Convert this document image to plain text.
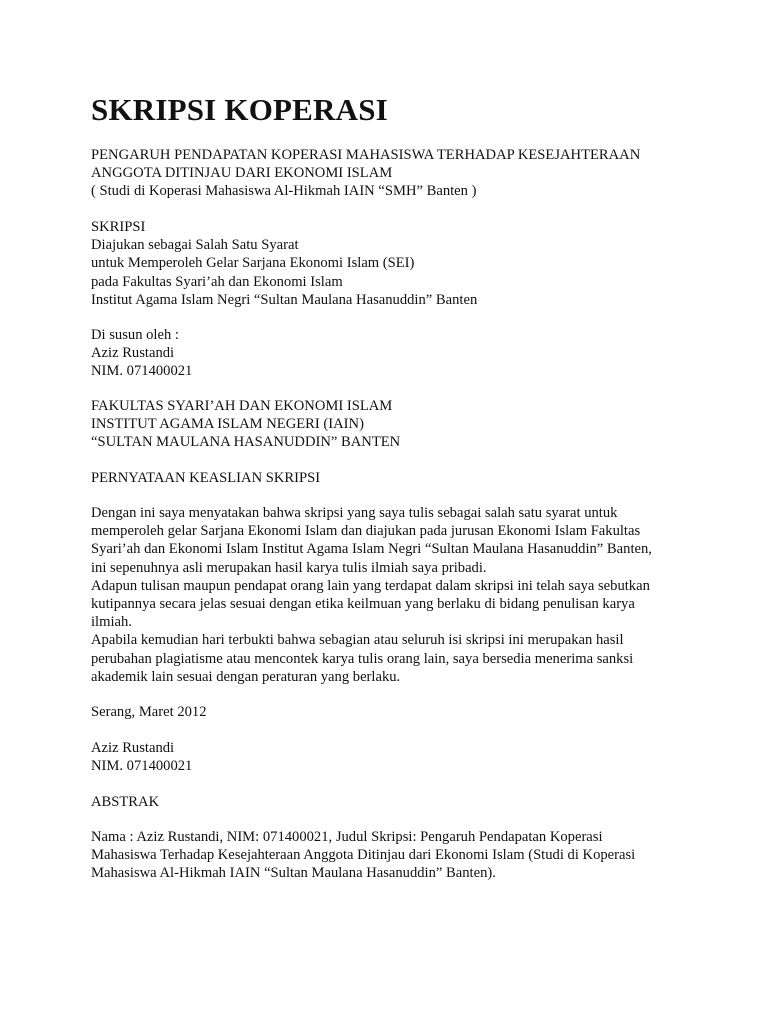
SKRIPSI KOPERASI
PENGARUH PENDAPATAN KOPERASI MAHASISWA TERHADAP KESEJAHTERAAN
ANGGOTA DITINJAU DARI EKONOMI ISLAM
( Studi di Koperasi Mahasiswa Al-Hikmah IAIN “SMH” Banten )
SKRIPSI
Diajukan sebagai Salah Satu Syarat
untuk Memperoleh Gelar Sarjana Ekonomi Islam (SEI)
pada Fakultas Syari’ah dan Ekonomi Islam
Institut Agama Islam Negri “Sultan Maulana Hasanuddin” Banten
Di susun oleh :
Aziz Rustandi
NIM. 071400021
FAKULTAS SYARI’AH DAN EKONOMI ISLAM
INSTITUT AGAMA ISLAM NEGERI (IAIN)
“SULTAN MAULANA HASANUDDIN” BANTEN
PERNYATAAN KEASLIAN SKRIPSI
Dengan ini saya menyatakan bahwa skripsi yang saya tulis sebagai salah satu syarat untuk
memperoleh gelar Sarjana Ekonomi Islam dan diajukan pada jurusan Ekonomi Islam Fakultas
Syari’ah dan Ekonomi Islam Institut Agama Islam Negri “Sultan Maulana Hasanuddin” Banten,
ini sepenuhnya asli merupakan hasil karya tulis ilmiah saya pribadi.
Adapun tulisan maupun pendapat orang lain yang terdapat dalam skripsi ini telah saya sebutkan
kutipannya secara jelas sesuai dengan etika keilmuan yang berlaku di bidang penulisan karya
ilmiah.
Apabila kemudian hari terbukti bahwa sebagian atau seluruh isi skripsi ini merupakan hasil
perubahan plagiatisme atau mencontek karya tulis orang lain, saya bersedia menerima sanksi
akademik lain sesuai dengan peraturan yang berlaku.
Serang, Maret 2012
Aziz Rustandi
NIM. 071400021
ABSTRAK
Nama : Aziz Rustandi, NIM: 071400021, Judul Skripsi: Pengaruh Pendapatan Koperasi
Mahasiswa Terhadap Kesejahteraan Anggota Ditinjau dari Ekonomi Islam (Studi di Koperasi
Mahasiswa Al-Hikmah IAIN “Sultan Maulana Hasanuddin” Banten).
